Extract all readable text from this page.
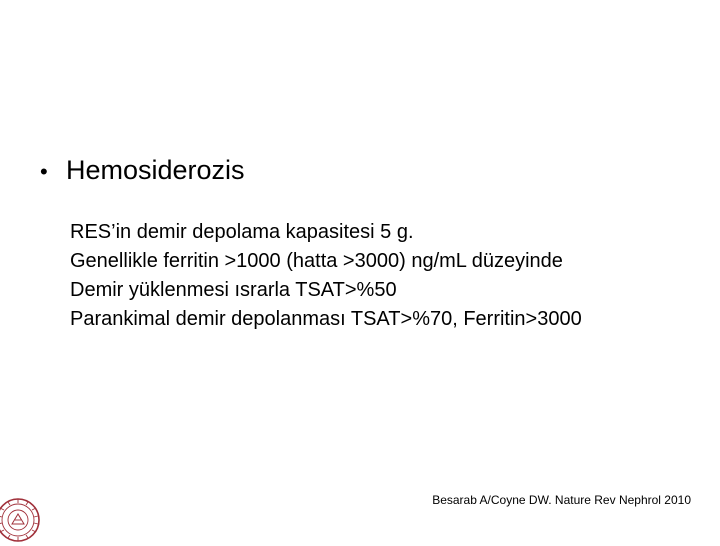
• Hemosiderozis

RES’in demir depolama kapasitesi 5 g.

Genellikle ferritin >1000 (hatta >3000) ng/mL düzeyinde

Demir yüklenmesi ısrarla TSAT>%50

Parankimal demir depolanması TSAT>%70, Ferritin>3000

Besarab A/Coyne DW. Nature Rev Nephrol 2010
